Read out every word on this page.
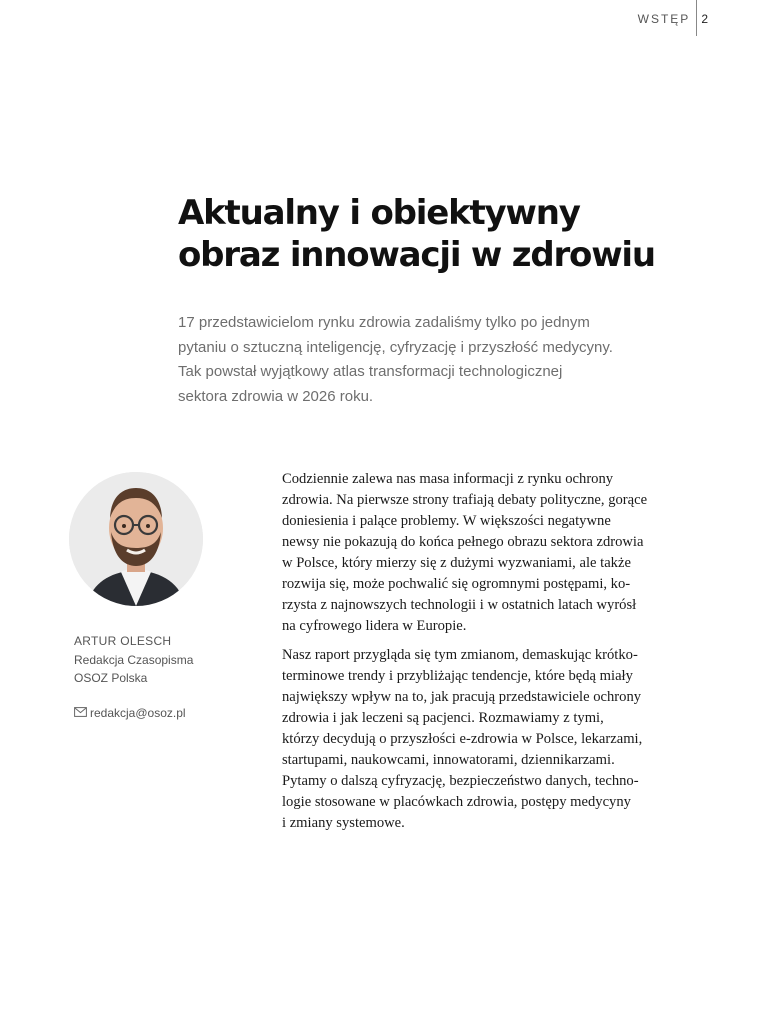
WSTĘP 2
Aktualny i obiektywny
obraz innowacji w zdrowiu

17 przedstawicielom rynku zdrowia zadaliśmy tylko po jednym
pytaniu o sztuczną inteligencję, cyfryzację i przyszłość medycyny.
Tak powstał wyjątkowy atlas transformacji technologicznej
sektora zdrowia w 2026 roku.

ARTUR OLESCH
Redakcja Czasopisma
OSOZ Polska
redakcja@osoz.pl

Codziennie zalewa nas masa informacji z rynku ochrony
zdrowia. Na pierwsze strony trafiają debaty polityczne, gorące
doniesienia i palące problemy. W większości negatywne
newsy nie pokazują do końca pełnego obrazu sektora zdrowia
w Polsce, który mierzy się z dużymi wyzwaniami, ale także
rozwija się, może pochwalić się ogromnymi postępami, ko-
rzysta z najnowszych technologii i w ostatnich latach wyrósł
na cyfrowego lidera w Europie.

Nasz raport przygląda się tym zmianom, demaskując krótko-
terminowe trendy i przybliżając tendencje, które będą miały
największy wpływ na to, jak pracują przedstawiciele ochrony
zdrowia i jak leczeni są pacjenci. Rozmawiamy z tymi,
którzy decydują o przyszłości e-zdrowia w Polsce, lekarzami,
startupami, naukowcami, innowatorami, dziennikarzami.
Pytamy o dalszą cyfryzację, bezpieczeństwo danych, techno-
logie stosowane w placówkach zdrowia, postępy medycyny
i zmiany systemowe.
